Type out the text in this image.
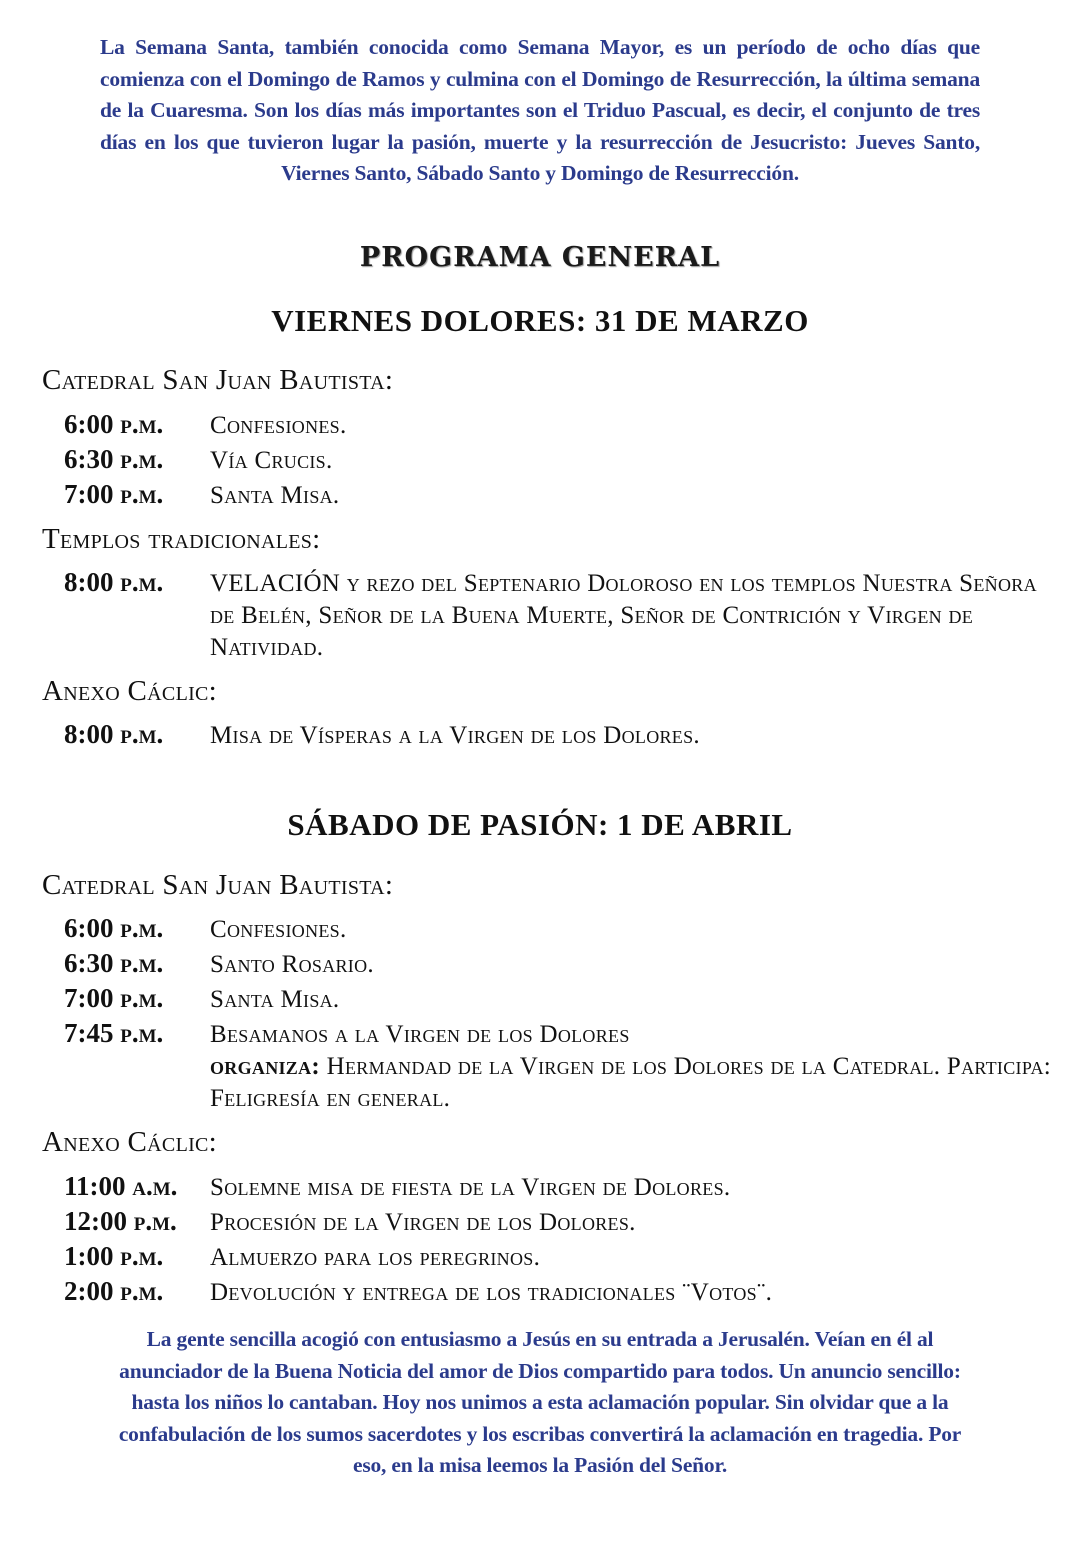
La Semana Santa, también conocida como Semana Mayor, es un período de ocho días que comienza con el Domingo de Ramos y culmina con el Domingo de Resurrección, la última semana de la Cuaresma. Son los días más importantes son el Triduo Pascual, es decir, el conjunto de tres días en los que tuvieron lugar la pasión, muerte y la resurrección de Jesucristo: Jueves Santo, Viernes Santo, Sábado Santo y Domingo de Resurrección.
PROGRAMA GENERAL
VIERNES DOLORES: 31 DE MARZO
Catedral San Juan Bautista:
6:00 p.m. Confesiones.
6:30 p.m. Vía Crucis.
7:00 p.m. Santa Misa.
Templos tradicionales:
8:00 p.m. VELACIÓN y rezo del Septenario Doloroso en los templos Nuestra Señora de Belén, Señor de la Buena Muerte, Señor de Contrición y Virgen de Natividad.
Anexo Cáclic:
8:00 p.m. Misa de Vísperas a la Virgen de los Dolores.
SÁBADO DE PASIÓN: 1 DE ABRIL
Catedral San Juan Bautista:
6:00 p.m. Confesiones.
6:30 p.m. Santo Rosario.
7:00 p.m. Santa Misa.
7:45 p.m. Besamanos a la Virgen de los Dolores
organiza: Hermandad de la Virgen de los Dolores de la Catedral. Participa: Feligresía en general.
Anexo Cáclic:
11:00 a.m. Solemne misa de fiesta de la Virgen de Dolores.
12:00 p.m. Procesión de la Virgen de los Dolores.
1:00 p.m. Almuerzo para los peregrinos.
2:00 p.m. Devolución y entrega de los tradicionales ¨Votos¨.
La gente sencilla acogió con entusiasmo a Jesús en su entrada a Jerusalén. Veían en él al anunciador de la Buena Noticia del amor de Dios compartido para todos. Un anuncio sencillo: hasta los niños lo cantaban. Hoy nos unimos a esta aclamación popular. Sin olvidar que a la confabulación de los sumos sacerdotes y los escribas convertirá la aclamación en tragedia. Por eso, en la misa leemos la Pasión del Señor.
